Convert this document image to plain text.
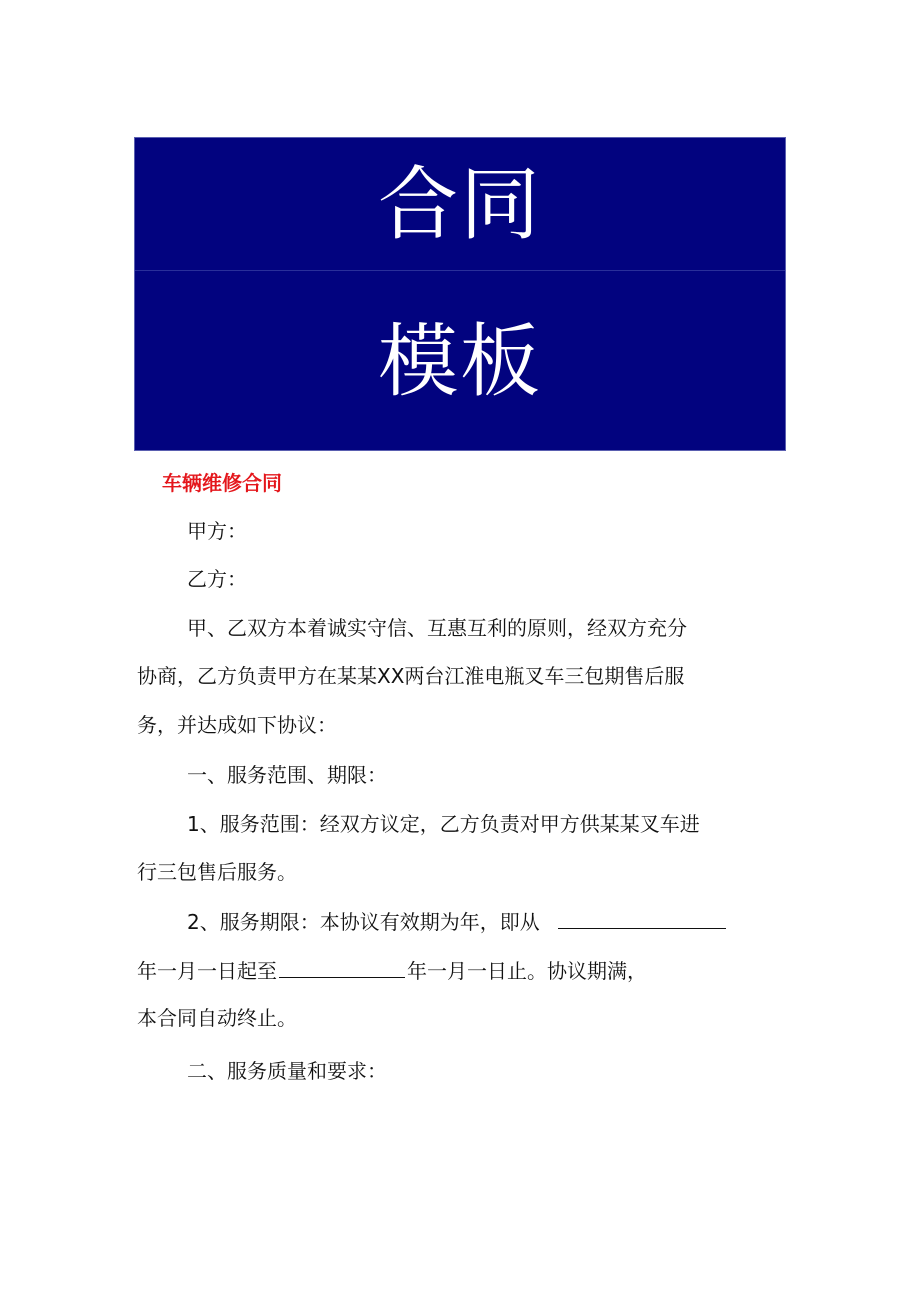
合同
模板
车辆维修合同
甲方：
乙方：
甲、乙双方本着诚实守信、互惠互利的原则，经双方充分
协商，乙方负责甲方在某某XX两台江淮电瓶叉车三包期售后服
务，并达成如下协议：
一、服务范围、期限：
1、服务范围：经双方议定，乙方负责对甲方供某某叉车进
行三包售后服务。
2、服务期限：本协议有效期为年，即从
年一月一日起至	年一月一日止。协议期满，
本合同自动终止。
二、服务质量和要求：
